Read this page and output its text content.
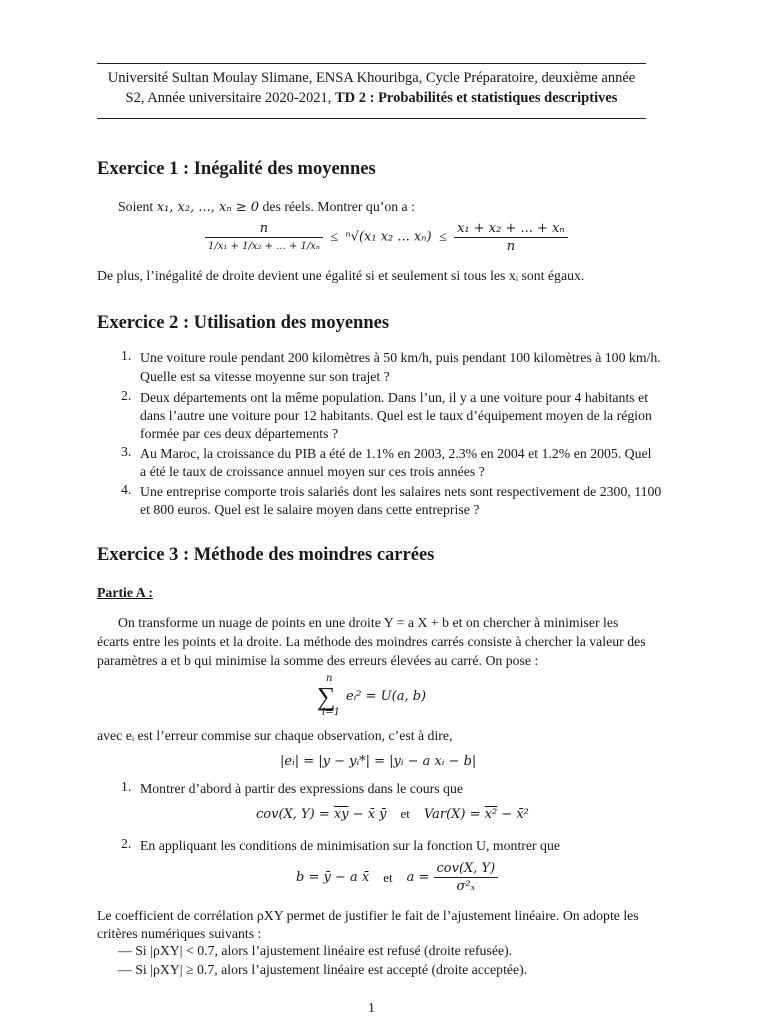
Université Sultan Moulay Slimane, ENSA Khouribga, Cycle Préparatoire, deuxième année
S2, Année universitaire 2020-2021, TD 2 : Probabilités et statistiques descriptives
Exercice 1 : Inégalité des moyennes
Soient x₁, x₂, ..., xₙ ≥ 0 des réels. Montrer qu’on a :
$\frac{n}{\text{1/x₁ + 1/x₂ + ... + 1/xₙ}} \le ^n√(x_1$ x₂ ... $x_n) \le \frac{\text{x₁ + x₂ + ... + xₙ}}{n}$
De plus, l’inégalité de droite devient une égalité si et seulement si tous les xᵢ sont égaux.
Exercice 2 : Utilisation des moyennes
1. Une voiture roule pendant 200 kilomètres à 50 km/h, puis pendant 100 kilomètres à 100 km/h.
Quelle est sa vitesse moyenne sur son trajet ?
2. Deux départements ont la même population. Dans l’un, il y a une voiture pour 4 habitants et
dans l’autre une voiture pour 12 habitants. Quel est le taux d’équipement moyen de la région
formée par ces deux départements ?
3. Au Maroc, la croissance du PIB a été de 1.1% en 2003, 2.3% en 2004 et 1.2% en 2005. Quel
a été le taux de croissance annuel moyen sur ces trois années ?
4. Une entreprise comporte trois salariés dont les salaires nets sont respectivement de 2300, 1100
et 800 euros. Quel est le salaire moyen dans cette entreprise ?
Exercice 3 : Méthode des moindres carrées
Partie A :
On transforme un nuage de points en une droite Y = a X + b et on chercher à minimiser les
écarts entre les points et la droite. La méthode des moindres carrés consiste à chercher la valeur des
paramètres a et b qui minimise la somme des erreurs élevées au carré. On pose :
n
∑
i=1
eᵢ² = U(a, b)
avec eᵢ est l’erreur commise sur chaque observation, c’est à dire,
|eᵢ| = |y − yᵢ*| = |yᵢ − a xᵢ − b|
1. Montrer d’abord à partir des expressions dans le cours que
cov(X, $Y) = \overline{xy}$ − x̄ ȳ et Var(X) = x² − x̄²
2. En appliquant les conditions de minimisation sur la fonction U, montrer que
b = ȳ − a x̄ et $a = \frac{\text{cov(X, Y)}}{\text{σ²ₓ}}$
Le coefficient de corrélation ρXY permet de justifier le fait de l’ajustement linéaire. On adopte les
critères numériques suivants :
— Si |ρXY| < 0.7, alors l’ajustement linéaire est refusé (droite refusée).
— Si |ρXY| ≥ 0.7, alors l’ajustement linéaire est accepté (droite acceptée).
1
